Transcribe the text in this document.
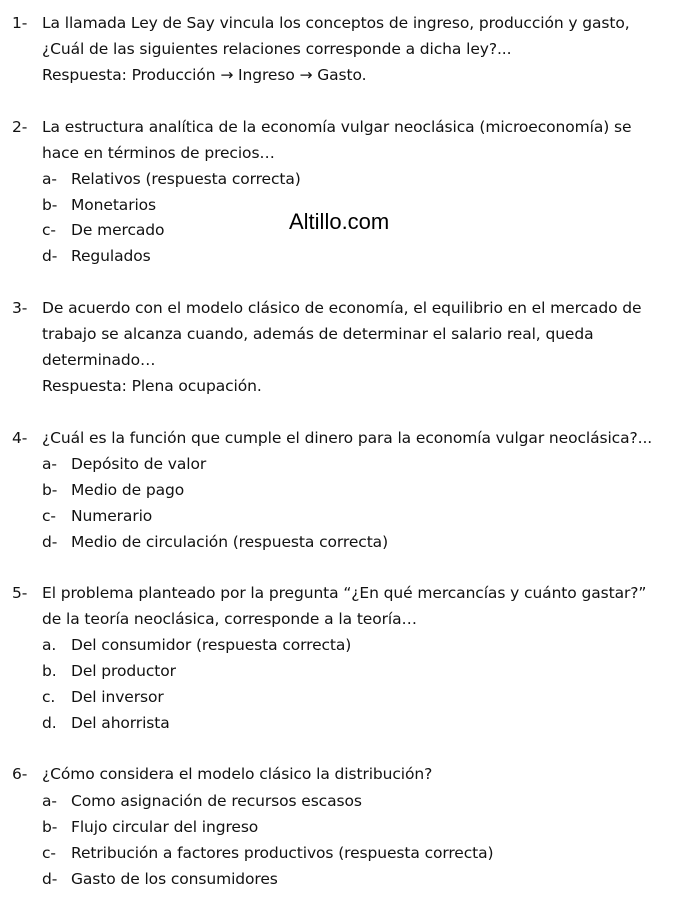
1- La llamada Ley de Say vincula los conceptos de ingreso, producción y gasto,
¿Cuál de las siguientes relaciones corresponde a dicha ley?...
Respuesta: Producción → Ingreso → Gasto.
2- La estructura analítica de la economía vulgar neoclásica (microeconomía) se
hace en términos de precios…
a- Relativos (respuesta correcta)
b- Monetarios
c- De mercado
d- Regulados
Altillo.com
3- De acuerdo con el modelo clásico de economía, el equilibrio en el mercado de
trabajo se alcanza cuando, además de determinar el salario real, queda
determinado…
Respuesta: Plena ocupación.
4- ¿Cuál es la función que cumple el dinero para la economía vulgar neoclásica?...
a- Depósito de valor
b- Medio de pago
c- Numerario
d- Medio de circulación (respuesta correcta)
5- El problema planteado por la pregunta “¿En qué mercancías y cuánto gastar?”
de la teoría neoclásica, corresponde a la teoría…
a. Del consumidor (respuesta correcta)
b. Del productor
c. Del inversor
d. Del ahorrista
6- ¿Cómo considera el modelo clásico la distribución?
a- Como asignación de recursos escasos
b- Flujo circular del ingreso
c- Retribución a factores productivos (respuesta correcta)
d- Gasto de los consumidores
